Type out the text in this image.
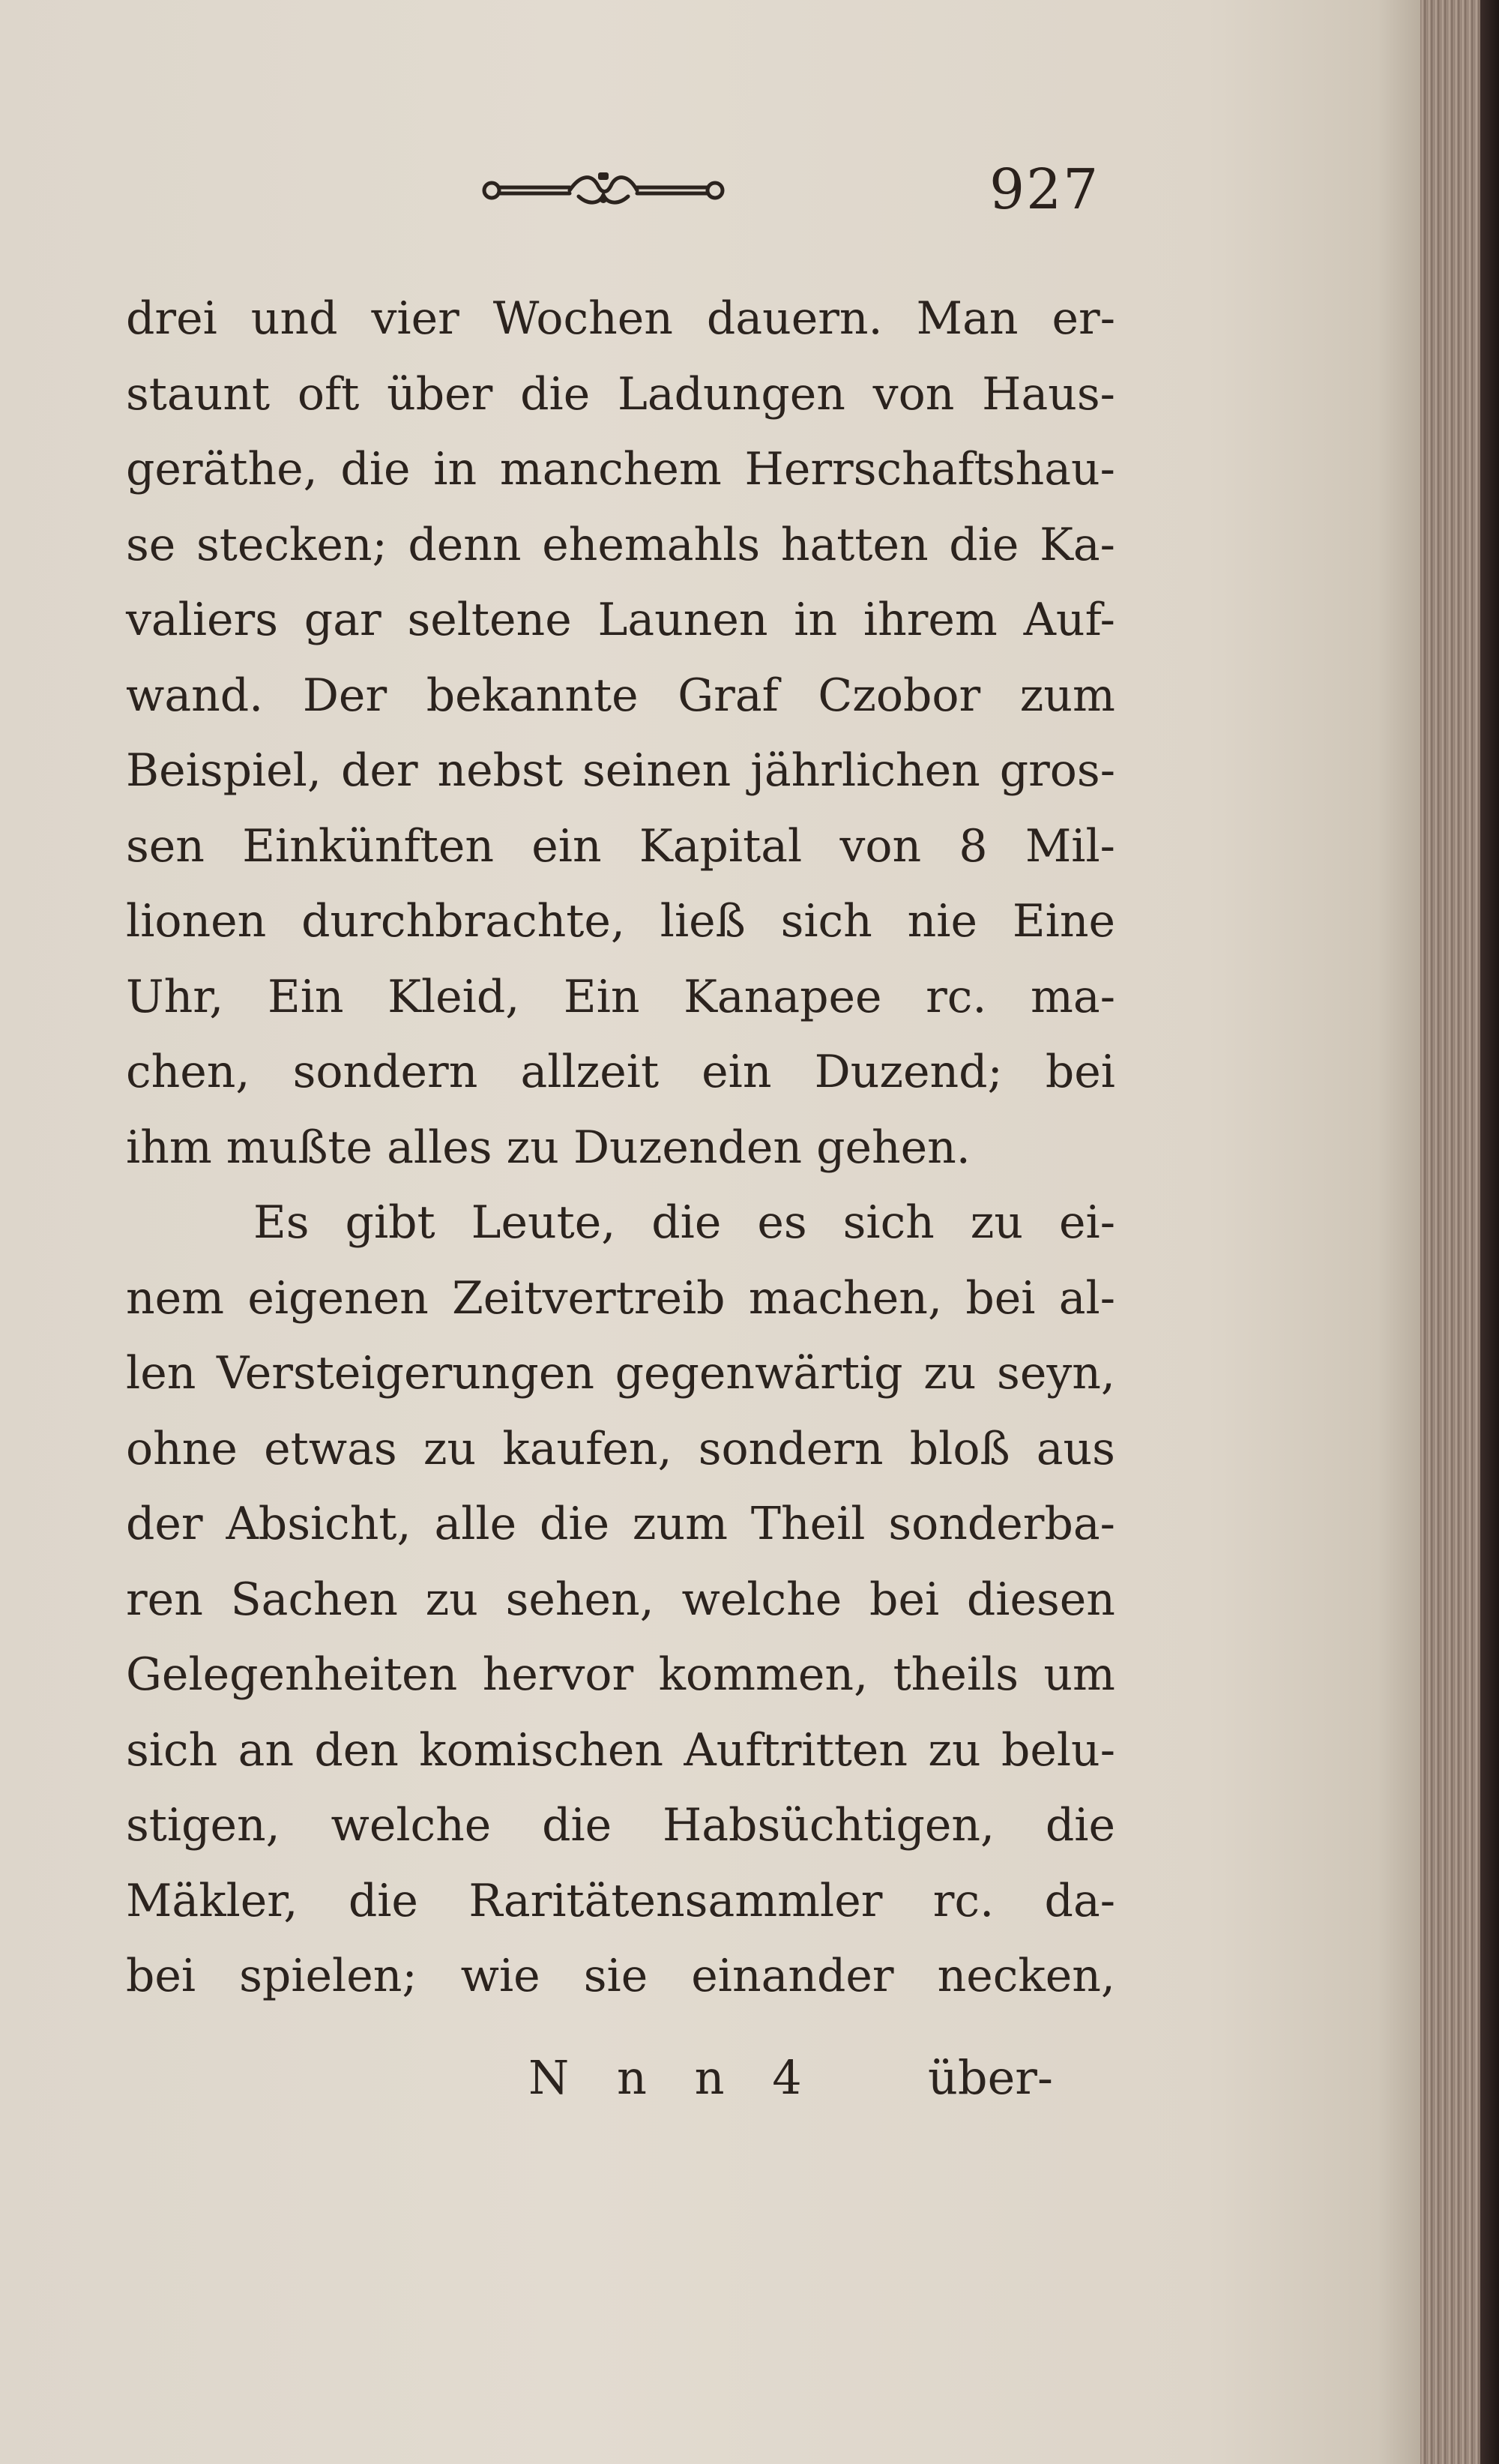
927
drei und vier Wochen dauern. Man er-
staunt oft über die Ladungen von Haus-
geräthe, die in manchem Herrschaftshau-
se stecken; denn ehemahls hatten die Ka-
valiers gar seltene Launen in ihrem Auf-
wand. Der bekannte Graf Czobor zum
Beispiel, der nebst seinen jährlichen gros-
sen Einkünften ein Kapital von 8 Mil-
lionen durchbrachte, ließ sich nie Eine
Uhr, Ein Kleid, Ein Kanapee rc. ma-
chen, sondern allzeit ein Duzend; bei
ihm mußte alles zu Duzenden gehen.
Es gibt Leute, die es sich zu ei-
nem eigenen Zeitvertreib machen, bei al-
len Versteigerungen gegenwärtig zu seyn,
ohne etwas zu kaufen, sondern bloß aus
der Absicht, alle die zum Theil sonderba-
ren Sachen zu sehen, welche bei diesen
Gelegenheiten hervor kommen, theils um
sich an den komischen Auftritten zu belu-
stigen, welche die Habsüchtigen, die
Mäkler, die Raritätensammler rc. da-
bei spielen; wie sie einander necken,
N n n 4 über-
